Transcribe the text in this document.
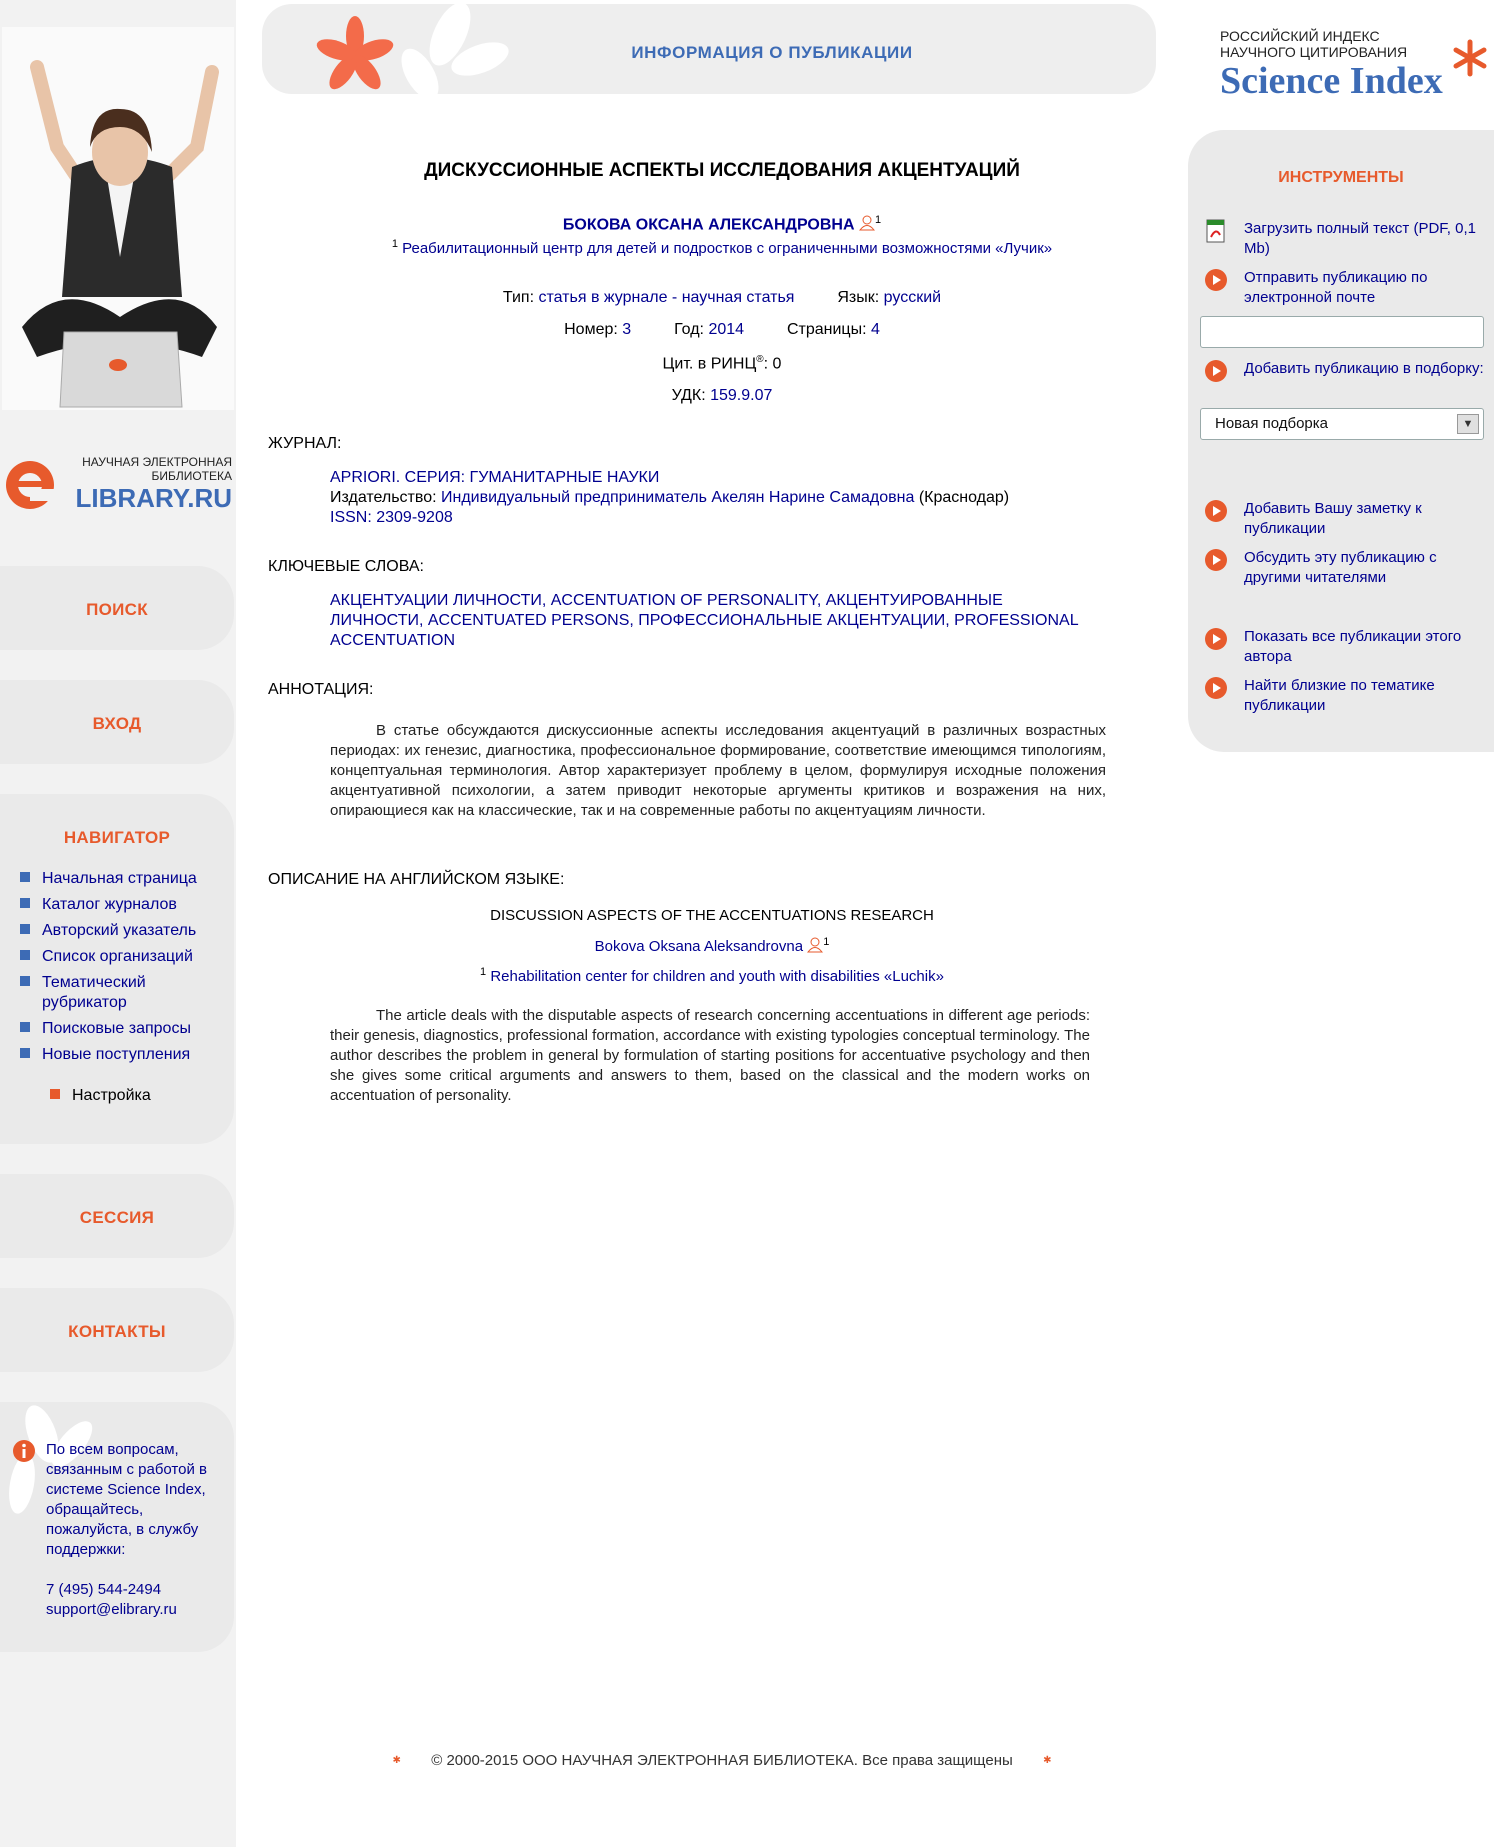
НАУЧНАЯ ЭЛЕКТРОННАЯ
БИБЛИОТЕКА
LIBRARY.RU
ПОИСК
ВХОД
НАВИГАТОР
Начальная страница
Каталог журналов
Авторский указатель
Список организаций
Тематический рубрикатор
Поисковые запросы
Новые поступления
Настройка
СЕССИЯ
КОНТАКТЫ
По всем вопросам, связанным с работой в системе Science Index, обращайтесь, пожалуйста, в службу поддержки:
7 (495) 544-2494
support@elibrary.ru
ИНФОРМАЦИЯ О ПУБЛИКАЦИИ
РОССИЙСКИЙ ИНДЕКС
НАУЧНОГО ЦИТИРОВАНИЯ
Science Index
ДИСКУССИОННЫЕ АСПЕКТЫ ИССЛЕДОВАНИЯ АКЦЕНТУАЦИЙ
БОКОВА ОКСАНА АЛЕКСАНДРОВНА $^1$
$^1$ Реабилитационный центр для детей и подростков с ограниченными возможностями «Лучик»
Тип: статья в журнале - научная статья	Язык: русский
Номер: 3	Год: 2014	Страницы: 4
Цит. в РИНЦ®: 0
УДК: 159.9.07
ЖУРНАЛ:
APRIORI. СЕРИЯ: ГУМАНИТАРНЫЕ НАУКИ
Издательство: Индивидуальный предприниматель Акелян Нарине Самадовна (Краснодар)
ISSN: 2309-9208
КЛЮЧЕВЫЕ СЛОВА:
АКЦЕНТУАЦИИ ЛИЧНОСТИ, ACCENTUATION OF PERSONALITY, АКЦЕНТУИРОВАННЫЕ
ЛИЧНОСТИ, ACCENTUATED PERSONS, ПРОФЕССИОНАЛЬНЫЕ АКЦЕНТУАЦИИ, PROFESSIONAL
ACCENTUATION
АННОТАЦИЯ:
В статье обсуждаются дискуссионные аспекты исследования акцентуаций в различных возрастных периодах: их генезис, диагностика, профессиональное формирование, соответствие имеющимся типологиям, концептуальная терминология. Автор характеризует проблему в целом, формулируя исходные положения акцентуативной психологии, а затем приводит некоторые аргументы критиков и возражения на них, опирающиеся как на классические, так и на современные работы по акцентуациям личности.
ОПИСАНИЕ НА АНГЛИЙСКОМ ЯЗЫКЕ:
DISCUSSION ASPECTS OF THE ACCENTUATIONS RESEARCH
Bokova Oksana Aleksandrovna $^1$
$^1$ Rehabilitation center for children and youth with disabilities «Luchik»
The article deals with the disputable aspects of research concerning accentuations in different age periods: their genesis, diagnostics, professional formation, accordance with existing typologies conceptual terminology. The author describes the problem in general by formulation of starting positions for accentuative psychology and then she gives some critical arguments and answers to them, based on the classical and the modern works on accentuation of personality.
ИНСТРУМЕНТЫ
Загрузить полный текст (PDF, 0,1 Mb)
Отправить публикацию по электронной почте
Добавить публикацию в подборку:
Новая подборка	▼
Добавить Вашу заметку к публикации
Обсудить эту публикацию с другими читателями
Показать все публикации этого автора
Найти близкие по тематике публикации
✱ © 2000-2015 ООО НАУЧНАЯ ЭЛЕКТРОННАЯ БИБЛИОТЕКА. Все права защищены	✱
